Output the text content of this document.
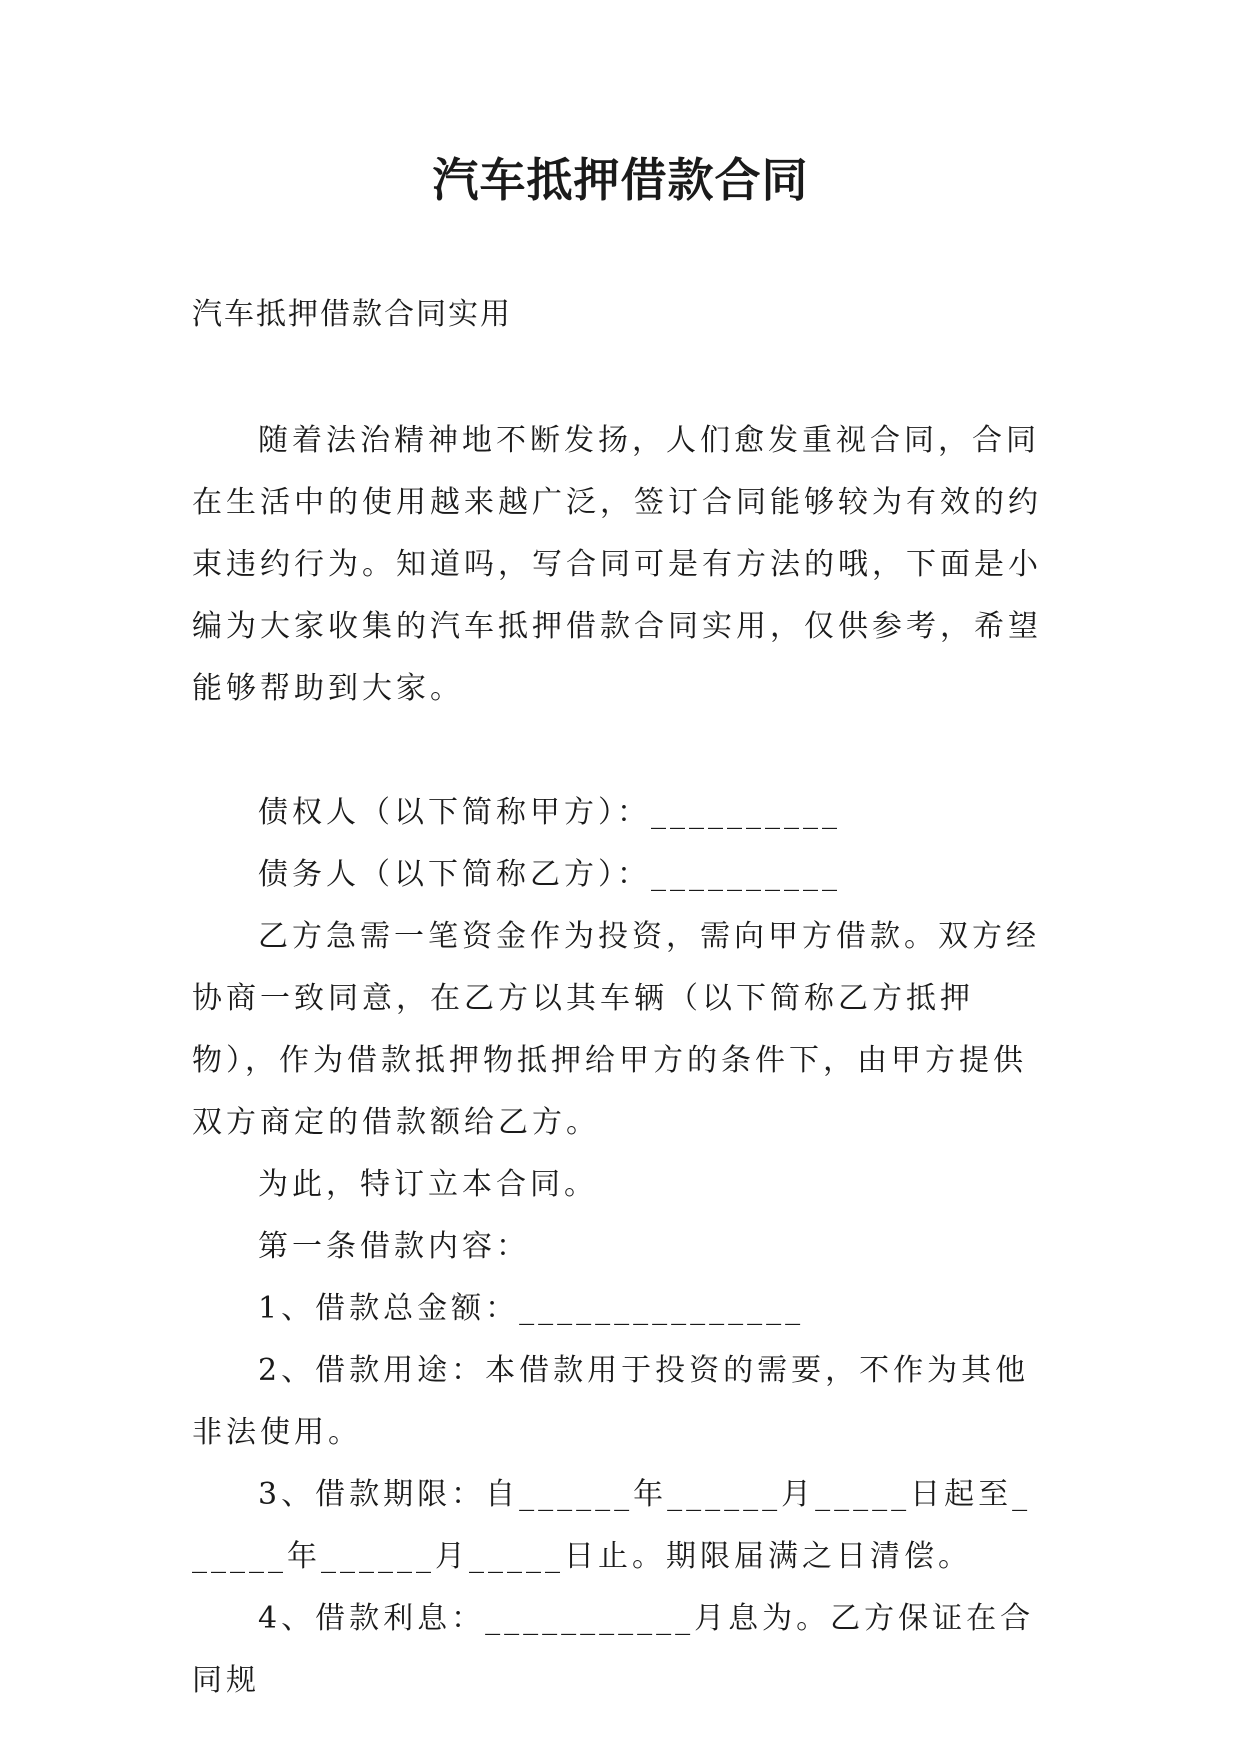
汽车抵押借款合同
汽车抵押借款合同实用

随着法治精神地不断发扬，人们愈发重视合同，合同在生活中的使用越来越广泛，签订合同能够较为有效的约束违约行为。知道吗，写合同可是有方法的哦，下面是小编为大家收集的汽车抵押借款合同实用，仅供参考，希望能够帮助到大家。

债权人（以下简称甲方）：__________

债务人（以下简称乙方）：__________

乙方急需一笔资金作为投资，需向甲方借款。双方经协商一致同意，在乙方以其车辆（以下简称乙方抵押物），作为借款抵押物抵押给甲方的条件下，由甲方提供双方商定的借款额给乙方。

为此，特订立本合同。

第一条借款内容：

1、借款总金额：_______________

2、借款用途：本借款用于投资的需要，不作为其他非法使用。

3、借款期限：自______年______月_____日起至______年______月_____日止。期限届满之日清偿。

4、借款利息：___________月息为。乙方保证在合同规
